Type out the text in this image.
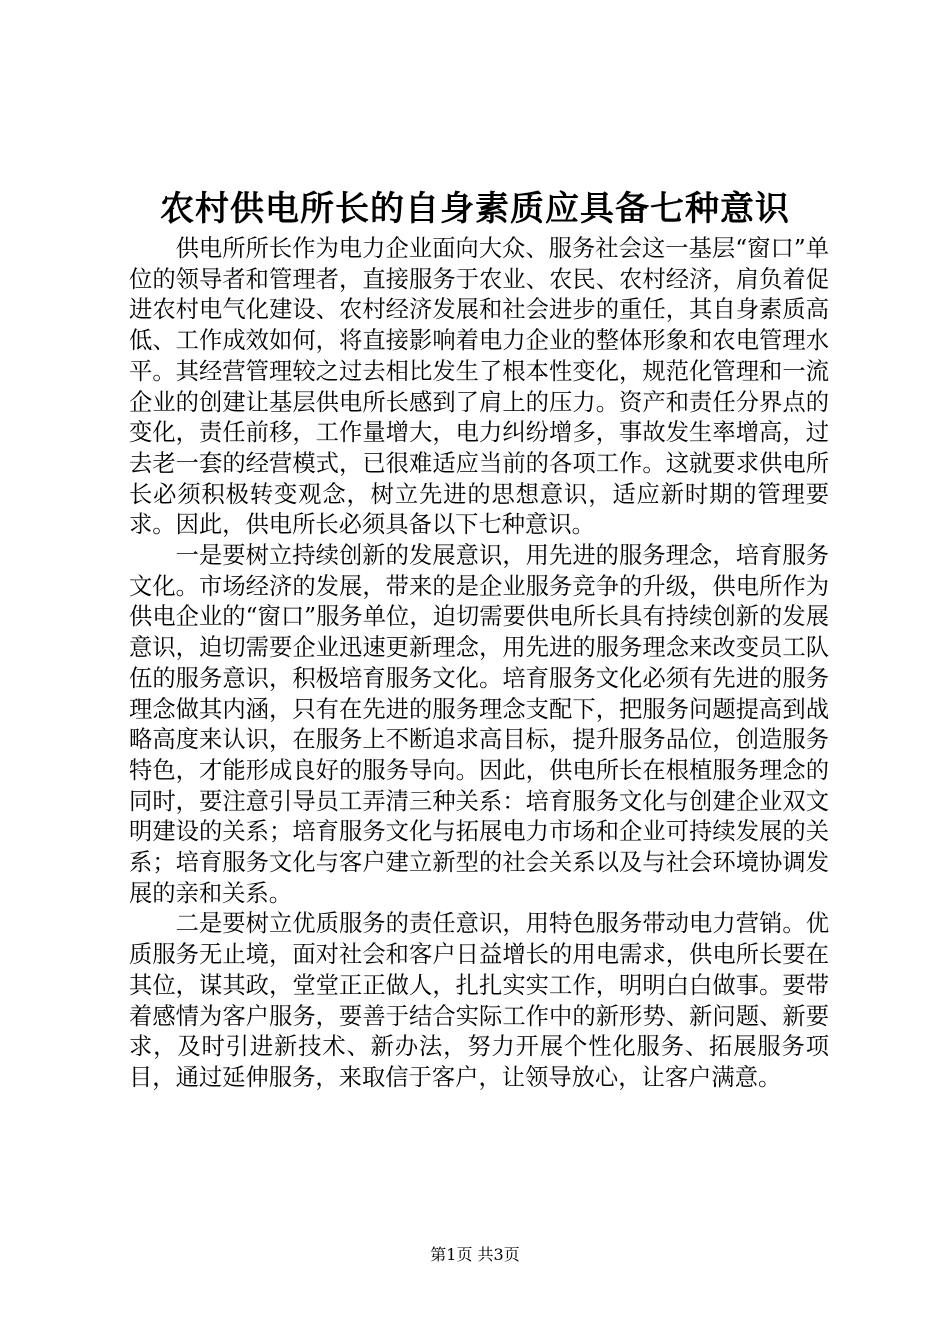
农村供电所长的自身素质应具备七种意识

供电所所长作为电力企业面向大众、服务社会这一基层“窗口”单位的领导者和管理者，直接服务于农业、农民、农村经济，肩负着促进农村电气化建设、农村经济发展和社会进步的重任，其自身素质高低、工作成效如何，将直接影响着电力企业的整体形象和农电管理水平。其经营管理较之过去相比发生了根本性变化，规范化管理和一流企业的创建让基层供电所长感到了肩上的压力。资产和责任分界点的变化，责任前移，工作量增大，电力纠纷增多，事故发生率增高，过去老一套的经营模式，已很难适应当前的各项工作。这就要求供电所长必须积极转变观念，树立先进的思想意识，适应新时期的管理要求。因此，供电所长必须具备以下七种意识。

一是要树立持续创新的发展意识，用先进的服务理念，培育服务文化。市场经济的发展，带来的是企业服务竞争的升级，供电所作为供电企业的“窗口”服务单位，迫切需要供电所长具有持续创新的发展意识，迫切需要企业迅速更新理念，用先进的服务理念来改变员工队伍的服务意识，积极培育服务文化。培育服务文化必须有先进的服务理念做其内涵，只有在先进的服务理念支配下，把服务问题提高到战略高度来认识，在服务上不断追求高目标，提升服务品位，创造服务特色，才能形成良好的服务导向。因此，供电所长在根植服务理念的同时，要注意引导员工弄清三种关系：培育服务文化与创建企业双文明建设的关系；培育服务文化与拓展电力市场和企业可持续发展的关系；培育服务文化与客户建立新型的社会关系以及与社会环境协调发展的亲和关系。

二是要树立优质服务的责任意识，用特色服务带动电力营销。优质服务无止境，面对社会和客户日益增长的用电需求，供电所长要在其位，谋其政，堂堂正正做人，扎扎实实工作，明明白白做事。要带着感情为客户服务，要善于结合实际工作中的新形势、新问题、新要求，及时引进新技术、新办法，努力开展个性化服务、拓展服务项目，通过延伸服务，来取信于客户，让领导放心，让客户满意。

第1页 共3页
